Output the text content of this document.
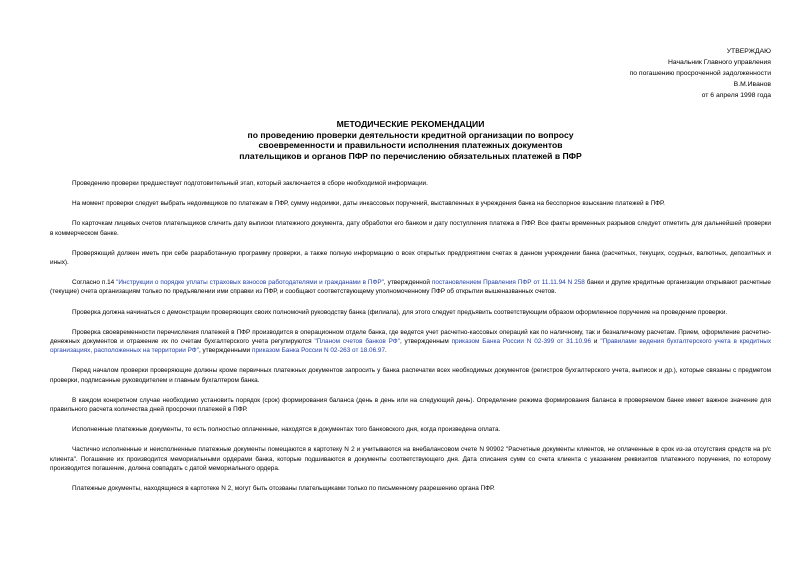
УТВЕРЖДАЮ
Начальник Главного управления
по погашению просроченной задолженности
В.М.Иванов
от 6 апреля 1998 года
МЕТОДИЧЕСКИЕ РЕКОМЕНДАЦИИ
по проведению проверки деятельности кредитной организации по вопросу
своевременности и правильности исполнения платежных документов
плательщиков и органов ПФР по перечислению обязательных платежей в ПФР

Проведению проверки предшествует подготовительный этап, который заключается в сборе необходимой информации.

На момент проверки следует выбрать недоимщиков по платежам в ПФР, сумму недоимки, даты инкассовых поручений, выставленных в учреждения банка на бесспорное взыскание платежей в ПФР.

По карточкам лицевых счетов плательщиков сличить дату выписки платежного документа, дату обработки его банком и дату поступления платежа в ПФР. Все факты временных разрывов следует отметить для дальнейшей проверки в коммерческом банке.

Проверяющий должен иметь при себе разработанную программу проверки, а также полную информацию о всех открытых предприятием счетах в данном учреждении банка (расчетных, текущих, ссудных, валютных, депозитных и иных).

Согласно п.14 "Инструкции о порядке уплаты страховых взносов работодателями и гражданами в ПФР", утвержденной постановлением Правления ПФР от 11.11.94 N 258 банки и другие кредитные организации открывают расчетные (текущие) счета организациям только по предъявлении ими справки из ПФР, и сообщают соответствующему уполномоченному ПФР об открытии вышеназванных счетов.

Проверка должна начинаться с демонстрации проверяющих своих полномочий руководству банка (филиала), для этого следует предъявить соответствующим образом оформленное поручение на проведение проверки.

Проверка своевременности перечисления платежей в ПФР производится в операционном отделе банка, где ведется учет расчетно-кассовых операций как по наличному, так и безналичному расчетам. Прием, оформление расчетно-денежных документов и отражение их по счетам бухгалтерского учета регулируются "Планом счетов банков РФ", утвержденным приказом Банка России N 02-399 от 31.10.96 и "Правилами ведения бухгалтерского учета в кредитных организациях, расположенных на территории РФ", утвержденными приказом Банка России N 02-263 от 18.06.97.

Перед началом проверки проверяющие должны кроме первичных платежных документов запросить у банка распечатки всех необходимых документов (регистров бухгалтерского учета, выписок и др.), которые связаны с предметом проверки, подписанные руководителем и главным бухгалтером банка.

В каждом конкретном случае необходимо установить порядок (срок) формирования баланса (день в день или на следующий день). Определение режима формирования баланса в проверяемом банке имеет важное значение для правильного расчета количества дней просрочки платежей в ПФР.

Исполненные платежные документы, то есть полностью оплаченные, находятся в документах того банковского дня, когда произведена оплата.

Частично исполненные и неисполненные платежные документы помещаются в картотеку N 2 и учитываются на внебалансовом счете N 90902 "Расчетные документы клиентов, не оплаченные в срок из-за отсутствия средств на р/с клиента". Погашение их производится мемориальными ордерами банка, которые подшиваются в документы соответствующего дня. Дата списания сумм со счета клиента с указанием реквизитов платежного поручения, по которому производится погашение, должна совпадать с датой мемориального ордера.

Платежные документы, находящиеся в картотеке N 2, могут быть отозваны плательщиками только по письменному разрешению органа ПФР.
